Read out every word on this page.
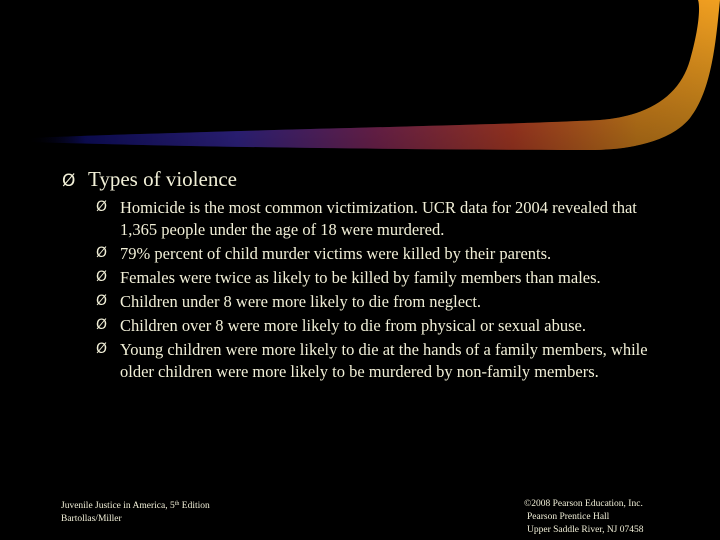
Ø Types of violence
Ø Homicide is the most common victimization. UCR data for 2004 revealed that 1,365 people under the age of 18 were murdered.
Ø 79% percent of child murder victims were killed by their parents.
Ø Females were twice as likely to be killed by family members than males.
Ø Children under 8 were more likely to die from neglect.
Ø Children over 8 were more likely to die from physical or sexual abuse.
Ø Young children were more likely to die at the hands of a family members, while older children were more likely to be murdered by non-family members.
Juvenile Justice in America, 5th Edition
Bartollas/Miller
©2008 Pearson Education, Inc.
Pearson Prentice Hall
Upper Saddle River, NJ 07458
